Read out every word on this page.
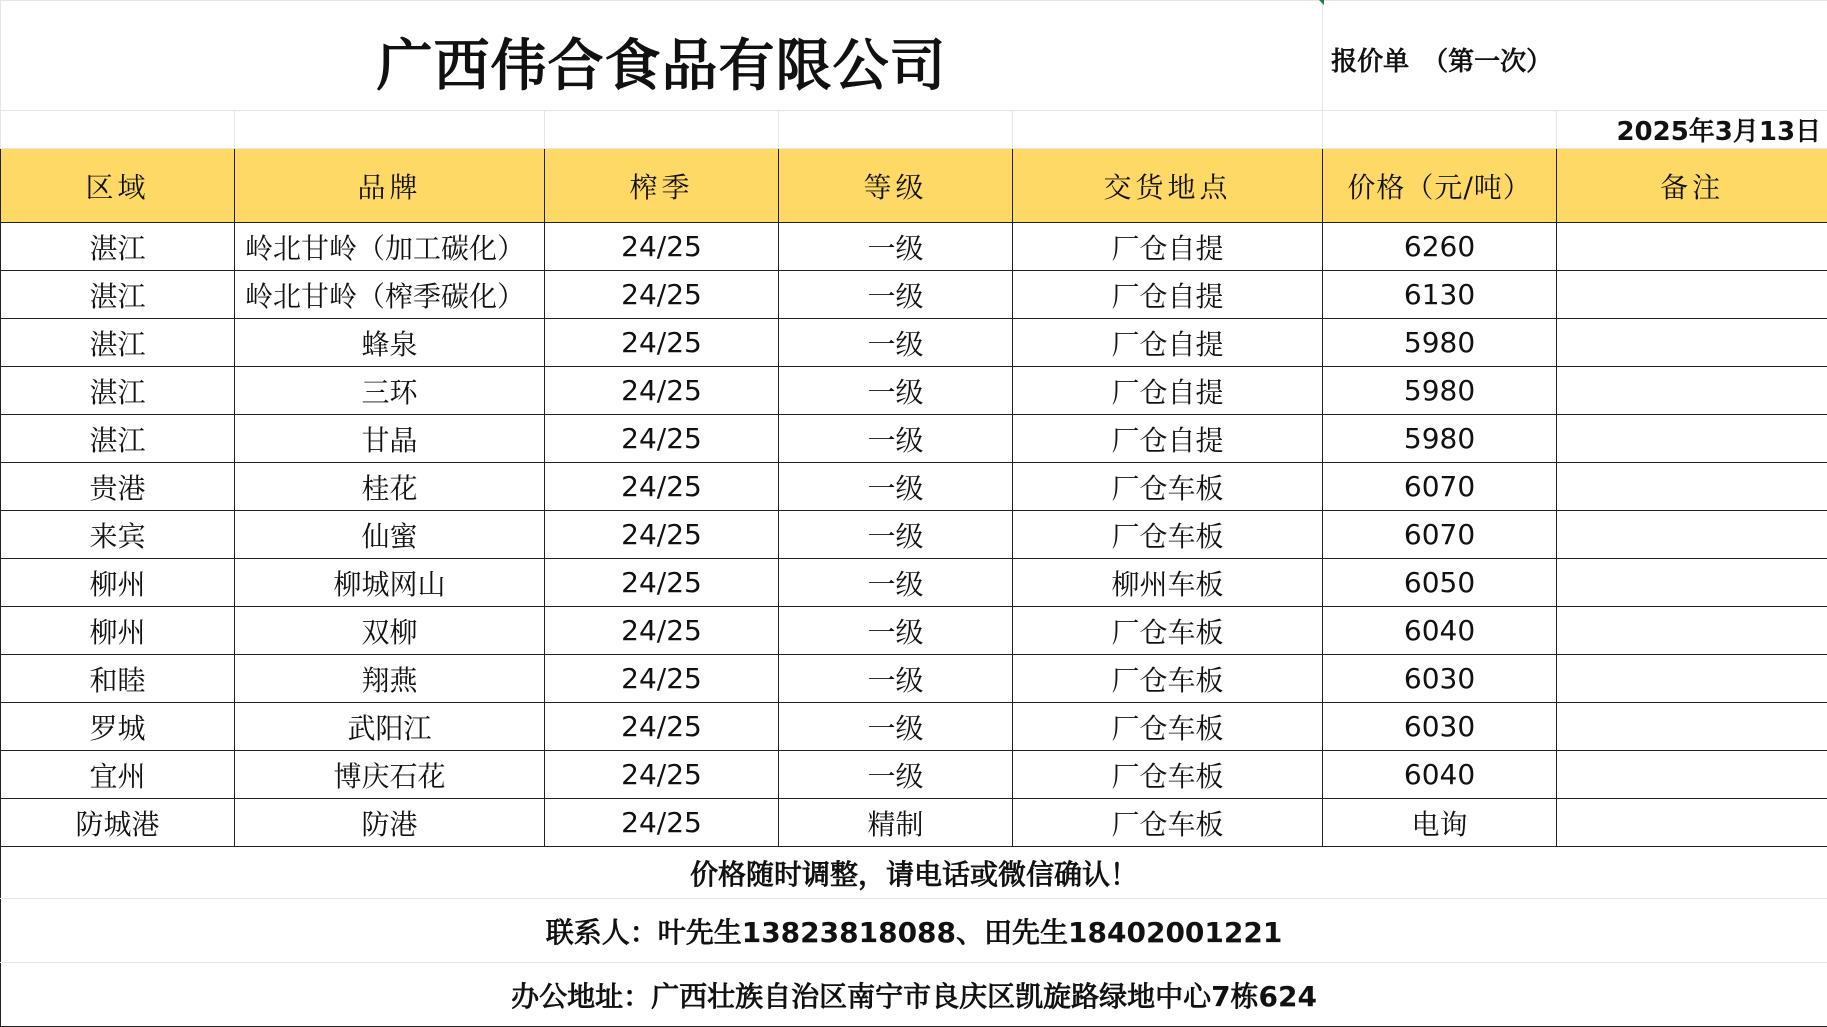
广西伟合食品有限公司					报价单　（第一次）	
						2025年3月13日
区域	品牌	榨季	等级	交货地点	价格（元/吨）	备注
湛江	岭北甘岭（加工碳化）	24/25	一级	厂仓自提	6260	
湛江	岭北甘岭（榨季碳化）	24/25	一级	厂仓自提	6130	
湛江	蜂泉	24/25	一级	厂仓自提	5980	
湛江	三环	24/25	一级	厂仓自提	5980	
湛江	甘晶	24/25	一级	厂仓自提	5980	
贵港	桂花	24/25	一级	厂仓车板	6070	
来宾	仙蜜	24/25	一级	厂仓车板	6070	
柳州	柳城网山	24/25	一级	柳州车板	6050	
柳州	双柳	24/25	一级	厂仓车板	6040	
和睦	翔燕	24/25	一级	厂仓车板	6030	
罗城	武阳江	24/25	一级	厂仓车板	6030	
宜州	博庆石花	24/25	一级	厂仓车板	6040	
防城港	防港	24/25	精制	厂仓车板	电询	
价格随时调整，请电话或微信确认！						
联系人：叶先生13823818088、田先生18402001221						
办公地址：广西壮族自治区南宁市良庆区凯旋路绿地中心7栋624						
